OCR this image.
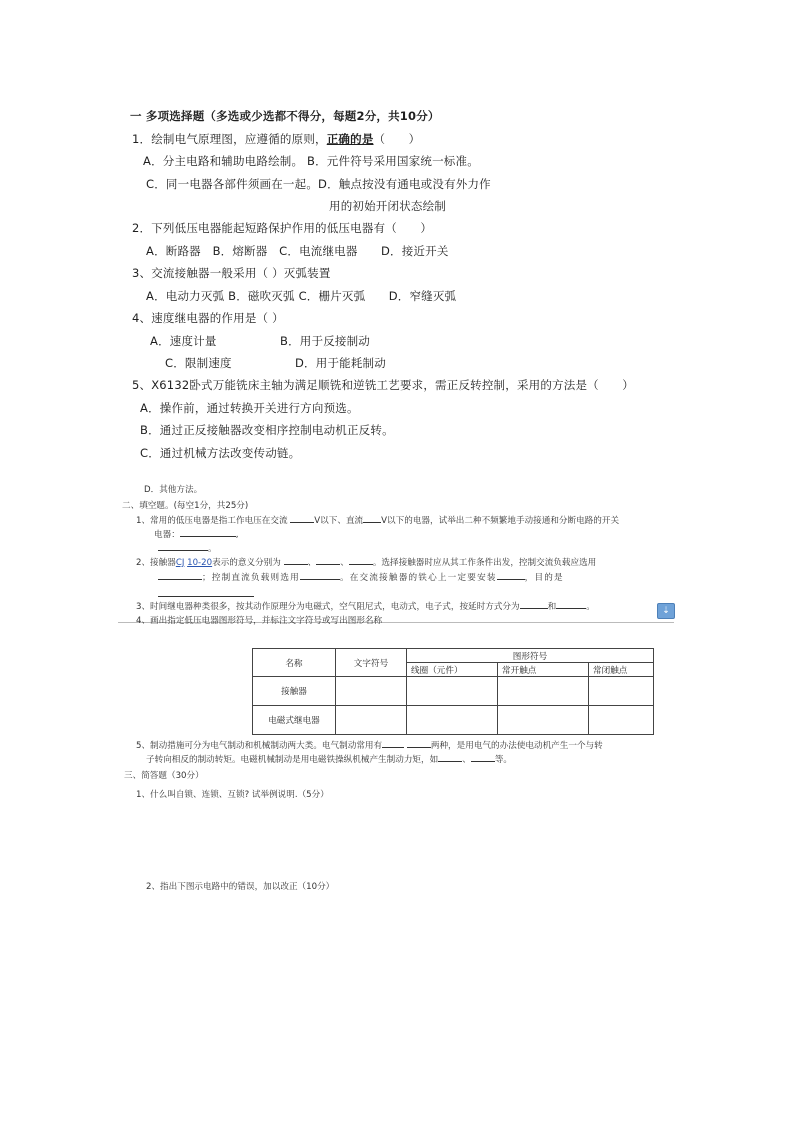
一 多项选择题（多选或少选都不得分，每题2分，共10分）
1．绘制电气原理图，应遵循的原则，正确的是（　　）
A．分主电路和辅助电路绘制。 B．元件符号采用国家统一标准。
C．同一电器各部件须画在一起。D．触点按没有通电或没有外力作
用的初始开闭状态绘制
2．下列低压电器能起短路保护作用的低压电器有（　　）
A．断路器　B．熔断器　C．电流继电器　　D．接近开关
3、交流接触器一般采用（ ）灭弧装置
A．电动力灭弧 B．磁吹灭弧 C．栅片灭弧　　D．窄缝灭弧
4、速度继电器的作用是（ ）
A．速度计量	B．用于反接制动
C．限制速度	D．用于能耗制动
5、X6132卧式万能铣床主轴为满足顺铣和逆铣工艺要求，需正反转控制，采用的方法是（　　）
A．操作前，通过转换开关进行方向预选。
B．通过正反接触器改变相序控制电动机正反转。
C．通过机械方法改变传动链。
D．其他方法。
二、填空题。(每空1分，共25分)
1、常用的低压电器是指工作电压在交流	V以下、直流 V以下的电器，试举出二种不频繁地手动接通和分断电路的开关
电器：	,
。
2、接触器CJ 10-20表示的意义分别为	、	、	。选择接触器时应从其工作条件出发，控制交流负载应选用
；控制直流负载则选用	。在交流接触器的铁心上一定要安装	，目的是
3、时间继电器种类很多，按其动作原理分为电磁式，空气阻尼式，电动式，电子式，按延时方式分为	和	。	⇣
4、画出指定低压电器图形符号，并标注文字符号或写出图形名称
名称	文字符号	图形符号		
		线圈（元件）	常开触点	常闭触点
接触器				
电磁式继电器				
5、制动措施可分为电气制动和机械制动两大类。电气制动常用有	两种，是用电气的办法使电动机产生一个与转
子转向相反的制动转矩。电磁机械制动是用电磁铁操纵机械产生制动力矩，如	、	等。
三、简答题（30分）
1、什么叫自锁、连锁、互锁? 试举例说明.（5分）
2、指出下图示电路中的错误，加以改正（10分）
